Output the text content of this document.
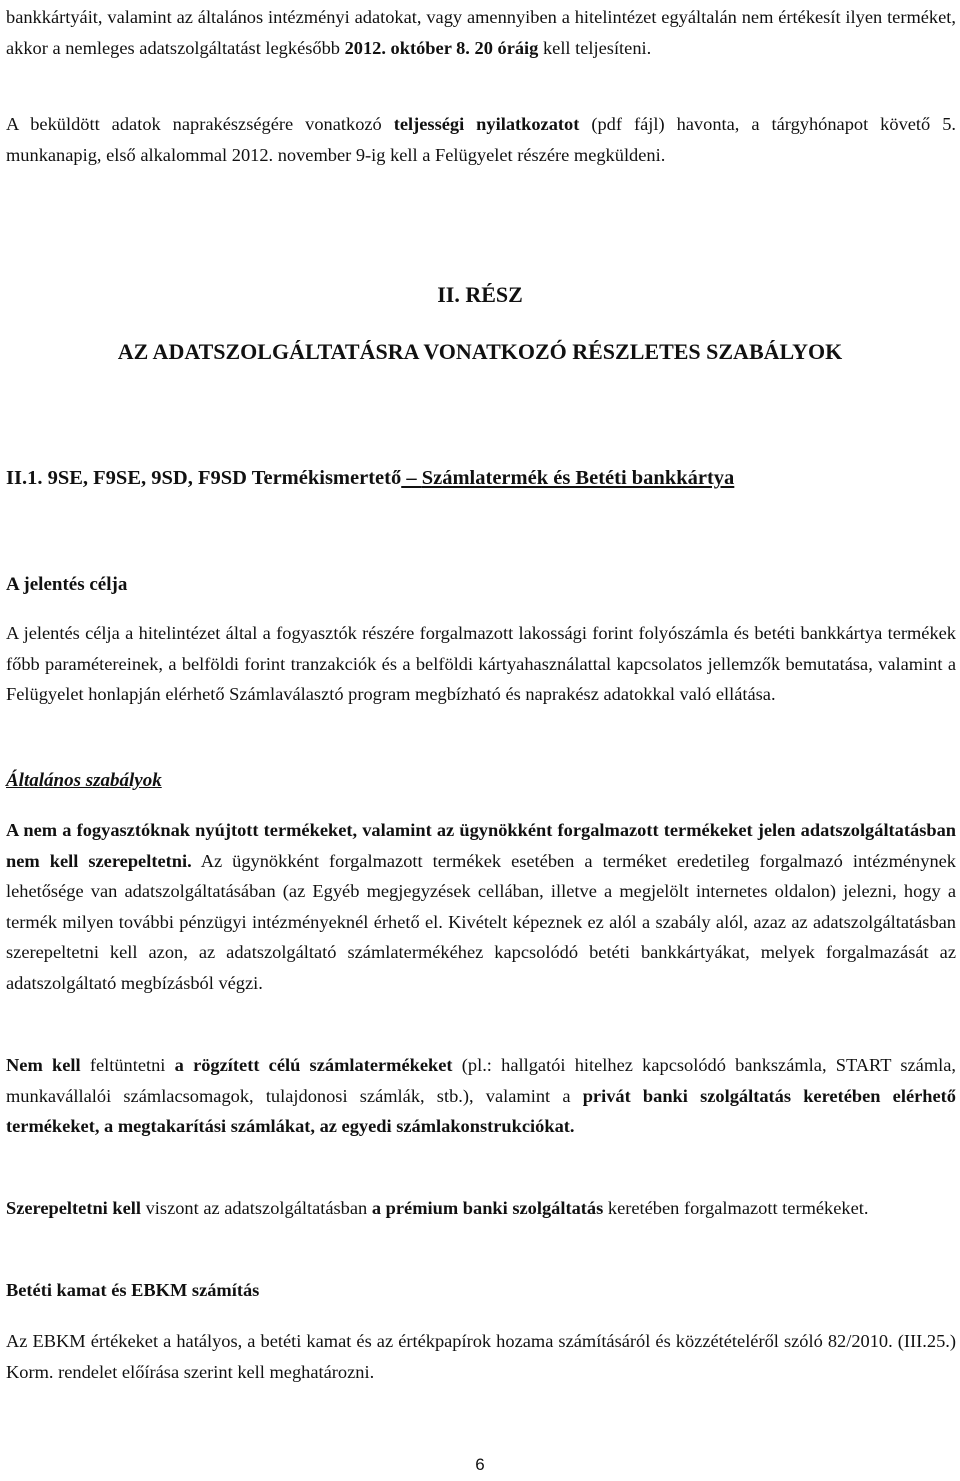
bankkártyáit, valamint az általános intézményi adatokat, vagy amennyiben a hitelintézet egyáltalán nem értékesít ilyen terméket, akkor a nemleges adatszolgáltatást legkésőbb 2012. október 8. 20 óráig kell teljesíteni.

A beküldött adatok naprakészségére vonatkozó teljességi nyilatkozatot (pdf fájl) havonta, a tárgyhónapot követő 5. munkanapig, első alkalommal 2012. november 9-ig kell a Felügyelet részére megküldeni.

II. RÉSZ
AZ ADATSZOLGÁLTATÁSRA VONATKOZÓ RÉSZLETES SZABÁLYOK
II.1. 9SE, F9SE, 9SD, F9SD Termékismertető – Számlatermék és Betéti bankkártya
A jelentés célja

A jelentés célja a hitelintézet által a fogyasztók részére forgalmazott lakossági forint folyószámla és betéti bankkártya termékek főbb paramétereinek, a belföldi forint tranzakciók és a belföldi kártyahasználattal kapcsolatos jellemzők bemutatása, valamint a Felügyelet honlapján elérhető Számlaválasztó program megbízható és naprakész adatokkal való ellátása.

Általános szabályok

A nem a fogyasztóknak nyújtott termékeket, valamint az ügynökként forgalmazott termékeket jelen adatszolgáltatásban nem kell szerepeltetni. Az ügynökként forgalmazott termékek esetében a terméket eredetileg forgalmazó intézménynek lehetősége van adatszolgáltatásában (az Egyéb megjegyzések cellában, illetve a megjelölt internetes oldalon) jelezni, hogy a termék milyen további pénzügyi intézményeknél érhető el. Kivételt képeznek ez alól a szabály alól, azaz az adatszolgáltatásban szerepeltetni kell azon, az adatszolgáltató számlatermékéhez kapcsolódó betéti bankkártyákat, melyek forgalmazását az adatszolgáltató megbízásból végzi.

Nem kell feltüntetni a rögzített célú számlatermékeket (pl.: hallgatói hitelhez kapcsolódó bankszámla, START számla, munkavállalói számlacsomagok, tulajdonosi számlák, stb.), valamint a privát banki szolgáltatás keretében elérhető termékeket, a megtakarítási számlákat, az egyedi számlakonstrukciókat.

Szerepeltetni kell viszont az adatszolgáltatásban a prémium banki szolgáltatás keretében forgalmazott termékeket.

Betéti kamat és EBKM számítás

Az EBKM értékeket a hatályos, a betéti kamat és az értékpapírok hozama számításáról és közzétételéről szóló 82/2010. (III.25.) Korm. rendelet előírása szerint kell meghatározni.

6
